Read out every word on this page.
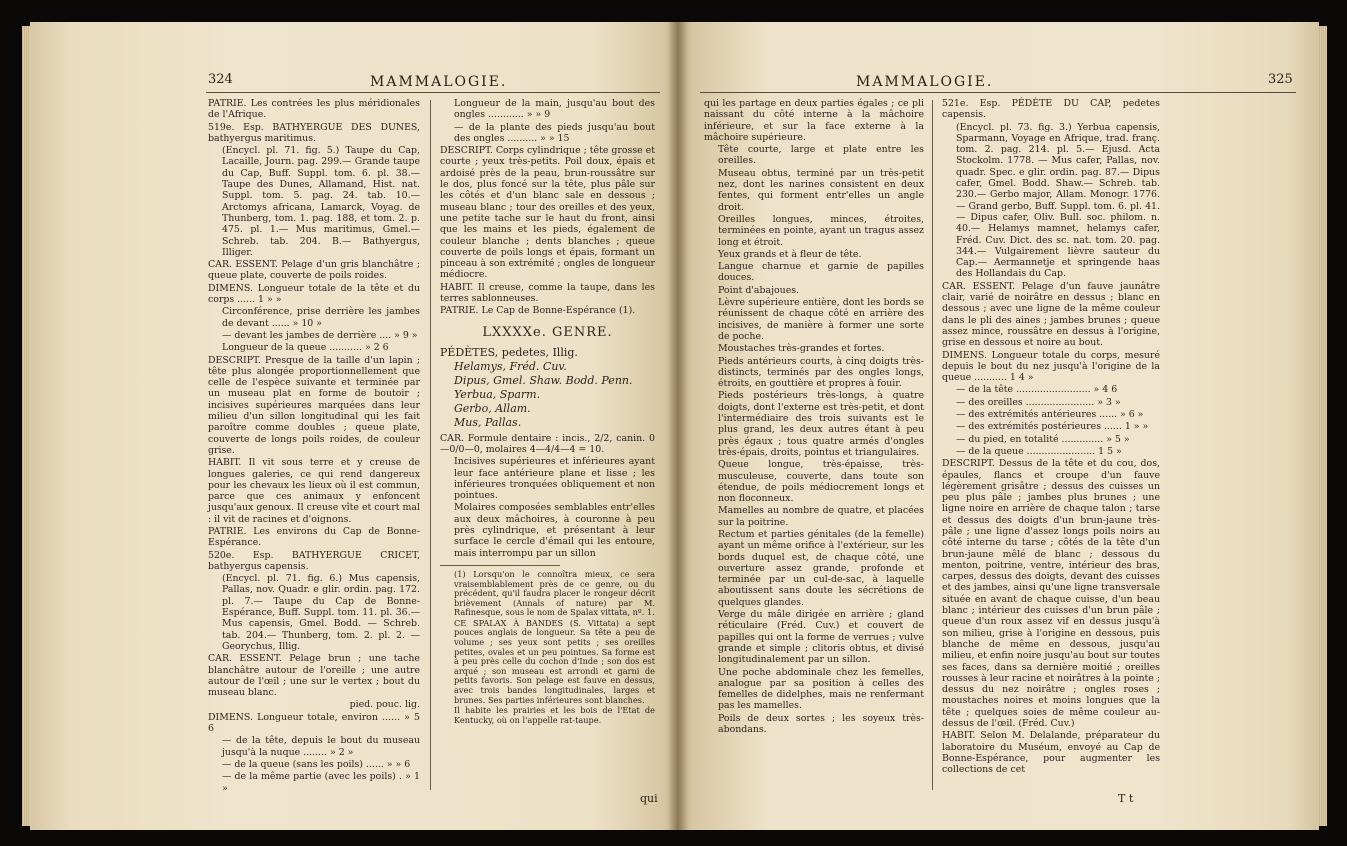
324	MAMMALOGIE.

PATRIE. Les contrées les plus méridionales de l'Afrique.

519e. Esp. BATHYERGUE DES DUNES, bathyergus maritimus.

(Encycl. pl. 71. fig. 5.) Taupe du Cap, Lacaille, Journ. pag. 299.— Grande taupe du Cap, Buff. Suppl. tom. 6. pl. 38.— Taupe des Dunes, Allamand, Hist. nat. Suppl. tom. 5. pag. 24. tab. 10.— Arctomys africana, Lamarck, Voyag. de Thunberg, tom. 1. pag. 188, et tom. 2. p. 475. pl. 1.— Mus maritimus, Gmel.— Schreb. tab. 204. B.— Bathyergus, Illiger.

CAR. ESSENT. Pelage d'un gris blanchâtre ; queue plate, couverte de poils roides.

DIMENS. Longueur totale de la tête et du corps ...... 1 » »

Circonférence, prise derrière les jambes de devant ...... » 10 »

— devant les jambes de derrière .... » 9 »

Longueur de la queue ........... » 2 6

DESCRIPT. Presque de la taille d'un lapin ; tête plus alongée proportionnellement que celle de l'espèce suivante et terminée par un museau plat en forme de boutoir ; incisives supérieures marquées dans leur milieu d'un sillon longitudinal qui les fait paroître comme doubles ; queue plate, couverte de longs poils roides, de couleur grise.

HABIT. Il vit sous terre et y creuse de longues galeries, ce qui rend dangereux pour les chevaux les lieux où il est commun, parce que ces animaux y enfoncent jusqu'aux genoux. Il creuse vîte et court mal : il vit de racines et d'oignons.

PATRIE. Les environs du Cap de Bonne-Espérance.

520e. Esp. BATHYERGUE CRICET, bathyergus capensis.

(Encycl. pl. 71. fig. 6.) Mus capensis, Pallas, nov. Quadr. e glir. ordin. pag. 172. pl. 7.— Taupe du Cap de Bonne-Espérance, Buff. Suppl. tom. 11. pl. 36.— Mus capensis, Gmel. Bodd. — Schreb. tab. 204.— Thunberg, tom. 2. pl. 2. — Georychus, Illig.

CAR. ESSENT. Pelage brun ; une tache blanchâtre autour de l'oreille ; une autre autour de l'œil ; une sur le vertex ; bout du museau blanc.

pied. pouc. lig.

DIMENS. Longueur totale, environ ...... » 5 6

— de la tête, depuis le bout du museau jusqu'à la nuque ........ » 2 »

— de la queue (sans les poils) ...... » » 6

— de la même partie (avec les poils) . » 1 »

Longueur de la main, jusqu'au bout des ongles ............ » » 9

— de la plante des pieds jusqu'au bout des ongles .......... » » 15

DESCRIPT. Corps cylindrique ; tête grosse et courte ; yeux très-petits. Poil doux, épais et ardoisé près de la peau, brun-roussâtre sur le dos, plus foncé sur la tête, plus pâle sur les côtés et d'un blanc sale en dessous ; museau blanc ; tour des oreilles et des yeux, une petite tache sur le haut du front, ainsi que les mains et les pieds, également de couleur blanche ; dents blanches ; queue couverte de poils longs et épais, formant un pinceau à son extrémité ; ongles de longueur médiocre.

HABIT. Il creuse, comme la taupe, dans les terres sablonneuses.

PATRIE. Le Cap de Bonne-Espérance (1).

LXXXXe. GENRE.

PÉDÈTES, pedetes, Illig.

Helamys, Fréd. Cuv.

Dipus, Gmel. Shaw. Bodd. Penn.

Yerbua, Sparm.

Gerbo, Allam.

Mus, Pallas.

CAR. Formule dentaire : incis., 2/2, canin. 0—0/0—0, molaires 4—4/4—4 = 10.

Incisives supérieures et inférieures ayant leur face antérieure plane et lisse ; les inférieures tronquées obliquement et non pointues.

Molaires composées semblables entr'elles aux deux mâchoires, à couronne à peu près cylindrique, et présentant à leur surface le cercle d'émail qui les entoure, mais interrompu par un sillon

(1) Lorsqu'on le connoîtra mieux, ce sera vraisemblablement près de ce genre, ou du précédent, qu'il faudra placer le rongeur décrit brièvement (Annals of nature) par M. Rafinesque, sous le nom de Spalax vittata, nº. 1.

CE SPALAX À BANDES (S. Vittata) a sept pouces anglais de longueur. Sa tête a peu de volume ; ses yeux sont petits ; ses oreilles petites, ovales et un peu pointues. Sa forme est à peu près celle du cochon d'Inde ; son dos est arqué ; son museau est arrondi et garni de petits favoris. Son pelage est fauve en dessus, avec trois bandes longitudinales, larges et brunes. Ses parties inférieures sont blanches.

Il habite les prairies et les bois de l'Etat de Kentucky, où on l'appelle rat-taupe.

qui
MAMMALOGIE.	325

qui les partage en deux parties égales ; ce pli naissant du côté interne à la mâchoire inférieure, et sur la face externe à la mâchoire supérieure.

Tête courte, large et plate entre les oreilles.

Museau obtus, terminé par un très-petit nez, dont les narines consistent en deux fentes, qui forment entr'elles un angle droit.

Oreilles longues, minces, étroites, terminées en pointe, ayant un tragus assez long et étroit.

Yeux grands et à fleur de tête.

Langue charnue et garnie de papilles douces.

Point d'abajoues.

Lèvre supérieure entière, dont les bords se réunissent de chaque côté en arrière des incisives, de manière à former une sorte de poche.

Moustaches très-grandes et fortes.

Pieds antérieurs courts, à cinq doigts très-distincts, terminés par des ongles longs, étroits, en gouttière et propres à fouir.

Pieds postérieurs très-longs, à quatre doigts, dont l'externe est très-petit, et dont l'intermédiaire des trois suivants est le plus grand, les deux autres étant à peu près égaux ; tous quatre armés d'ongles très-épais, droits, pointus et triangulaires.

Queue longue, très-épaisse, très-musculeuse, couverte, dans toute son étendue, de poils médiocrement longs et non floconneux.

Mamelles au nombre de quatre, et placées sur la poitrine.

Rectum et parties génitales (de la femelle) ayant un même orifice à l'extérieur, sur les bords duquel est, de chaque côté, une ouverture assez grande, profonde et terminée par un cul-de-sac, à laquelle aboutissent sans doute les sécrétions de quelques glandes.

Verge du mâle dirigée en arrière ; gland réticulaire (Fréd. Cuv.) et couvert de papilles qui ont la forme de verrues ; vulve grande et simple ; clitoris obtus, et divisé longitudinalement par un sillon.

Une poche abdominale chez les femelles, analogue par sa position à celles des femelles de didelphes, mais ne renfermant pas les mamelles.

Poils de deux sortes ; les soyeux très-abondans.

521e. Esp. PÉDÈTE DU CAP, pedetes capensis.

(Encycl. pl. 73. fig. 3.) Yerbua capensis, Sparmann, Voyage en Afrique, trad. franç. tom. 2. pag. 214. pl. 5.— Ejusd. Acta Stockolm. 1778. — Mus cafer, Pallas, nov. quadr. Spec. e glir. ordin. pag. 87.— Dipus cafer, Gmel. Bodd. Shaw.— Schreb. tab. 230.— Gerbo major, Allam. Monogr. 1776.— Grand gerbo, Buff. Suppl. tom. 6. pl. 41.— Dipus cafer, Oliv. Bull. soc. philom. n. 40.— Helamys mamnet, helamys cafer, Fréd. Cuv. Dict. des sc. nat. tom. 20. pag. 344.— Vulgairement lièvre sauteur du Cap.— Aermannetje et springende haas des Hollandais du Cap.

CAR. ESSENT. Pelage d'un fauve jaunâtre clair, varié de noirâtre en dessus ; blanc en dessous ; avec une ligne de la même couleur dans le pli des aines ; jambes brunes ; queue assez mince, roussâtre en dessus à l'origine, grise en dessous et noire au bout.

DIMENS. Longueur totale du corps, mesuré depuis le bout du nez jusqu'à l'origine de la queue ........... 1 4 »

— de la tête ......................... » 4 6

— des oreilles ....................... » 3 »

— des extrémités antérieures ...... » 6 »

— des extrémités postérieures ...... 1 » »

— du pied, en totalité .............. » 5 »

— de la queue ....................... 1 5 »

DESCRIPT. Dessus de la tête et du cou, dos, épaules, flancs et croupe d'un fauve légèrement grisâtre ; dessus des cuisses un peu plus pâle ; jambes plus brunes ; une ligne noire en arrière de chaque talon ; tarse et dessus des doigts d'un brun-jaune très-pâle ; une ligne d'assez longs poils noirs au côté interne du tarse ; côtés de la tête d'un brun-jaune mêlé de blanc ; dessous du menton, poitrine, ventre, intérieur des bras, carpes, dessus des doigts, devant des cuisses et des jambes, ainsi qu'une ligne transversale située en avant de chaque cuisse, d'un beau blanc ; intérieur des cuisses d'un brun pâle ; queue d'un roux assez vif en dessus jusqu'à son milieu, grise à l'origine en dessous, puis blanche de même en dessous, jusqu'au milieu, et enfin noire jusqu'au bout sur toutes ses faces, dans sa dernière moitié ; oreilles rousses à leur racine et noirâtres à la pointe ; dessus du nez noirâtre ; ongles roses ; moustaches noires et moins longues que la tête ; quelques soies de même couleur au-dessus de l'œil. (Fréd. Cuv.)

HABIT. Selon M. Delalande, préparateur du laboratoire du Muséum, envoyé au Cap de Bonne-Espérance, pour augmenter les collections de cet

T t
